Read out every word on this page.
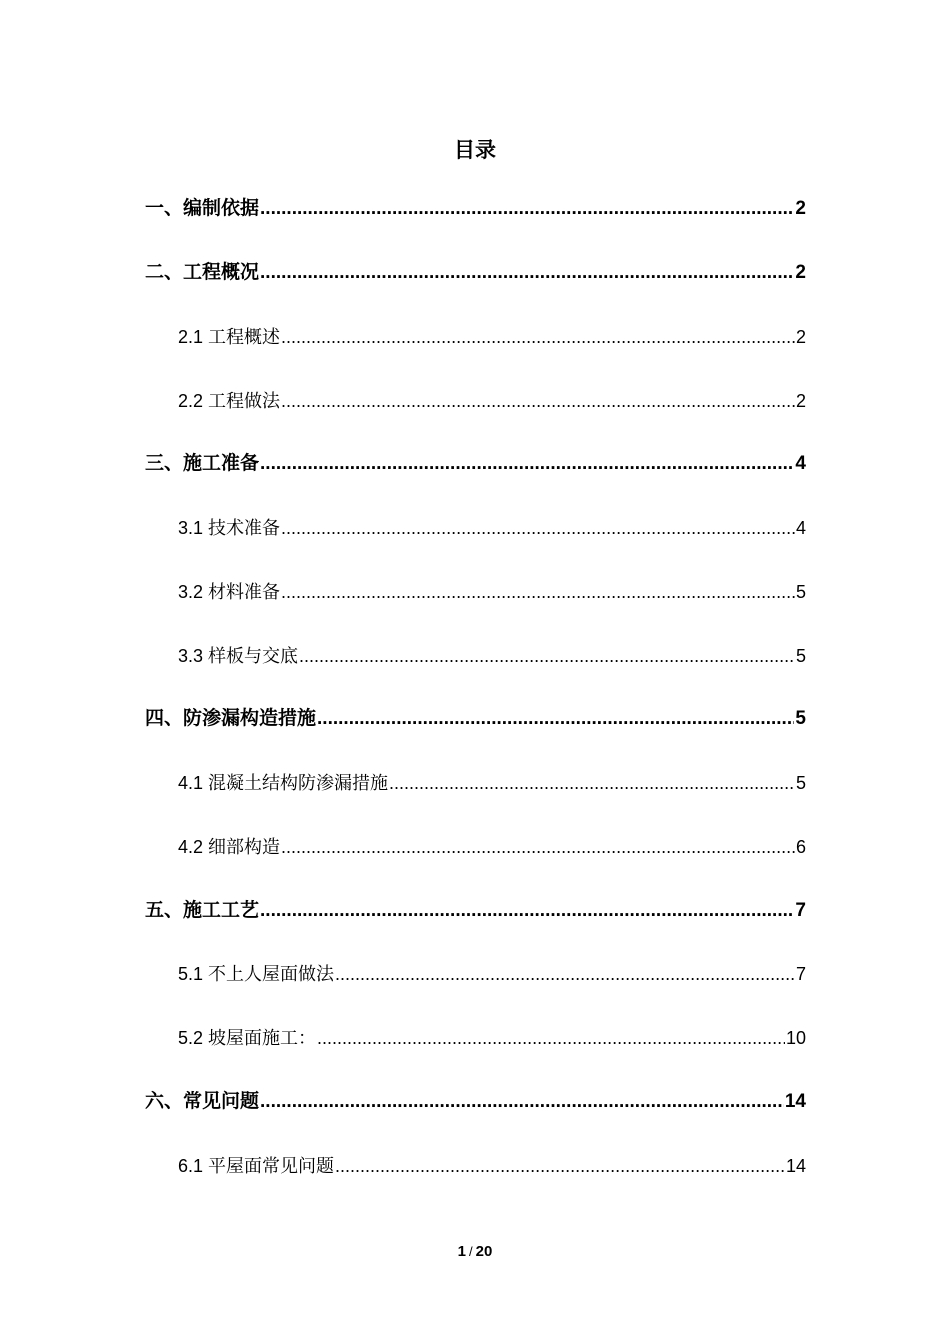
目录
一、编制依据 .....	2
二、工程概况 .....	2
2.1 工程概述 .....	2
2.2 工程做法 .....	2
三、施工准备 .....	4
3.1 技术准备 .....	4
3.2 材料准备 .....	5
3.3 样板与交底 .....	5
四、防渗漏构造措施 .....	5
4.1 混凝土结构防渗漏措施 .....	5
4.2 细部构造 .....	6
五、施工工艺 .....	7
5.1 不上人屋面做法 .....	7
5.2 坡屋面施工： .....	10
六、常见问题 .....	14
6.1 平屋面常见问题 .....	14
1 / 20
